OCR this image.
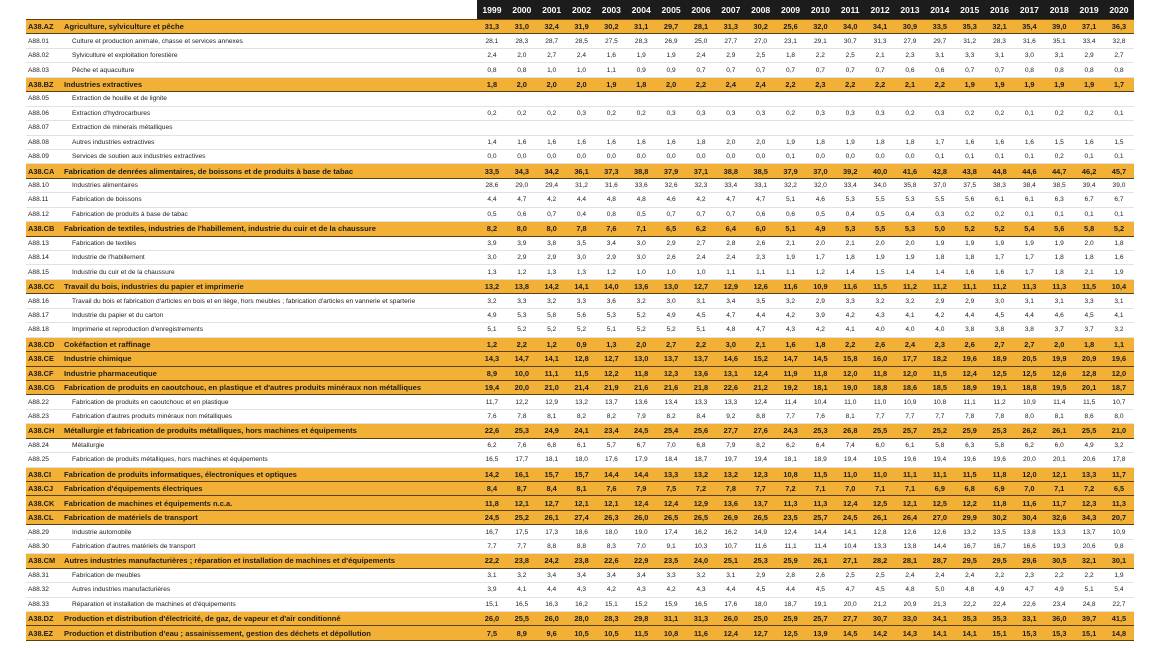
		1999	2000	2001	2002	2003	2004	2005	2006	2007	2008	2009	2010	2011	2012	2013	2014	2015	2016	2017	2018	2019	2020
A38.AZ	Agriculture, sylviculture et pêche	31,3	31,0	32,4	31,9	30,2	31,1	29,7	28,1	31,3	30,2	25,6	32,0	34,0	34,1	30,9	33,5	35,3	32,1	35,4	39,0	37,1	36,3
A88.01	Culture et production animale, chasse et services annexes	28,1	28,3	28,7	28,5	27,5	28,3	26,9	25,0	27,7	27,0	23,1	29,1	30,7	31,3	27,9	29,7	31,2	28,3	31,6	35,1	33,4	32,8
A88.02	Sylviculture et exploitation forestière	2,4	2,0	2,7	2,4	1,6	1,9	1,9	2,4	2,9	2,5	1,8	2,2	2,5	2,1	2,3	3,1	3,3	3,1	3,0	3,1	2,9	2,7
A88.03	Pêche et aquaculture	0,8	0,8	1,0	1,0	1,1	0,9	0,9	0,7	0,7	0,7	0,7	0,7	0,7	0,7	0,6	0,6	0,7	0,7	0,8	0,8	0,8	0,8
A38.BZ	Industries extractives	1,8	2,0	2,0	2,0	1,9	1,8	2,0	2,2	2,4	2,4	2,2	2,3	2,2	2,2	2,1	2,2	1,9	1,9	1,9	1,9	1,9	1,7
A88.05	Extraction de houille et de lignite																						
A88.06	Extraction d'hydrocarbures	0,2	0,2	0,2	0,3	0,2	0,2	0,3	0,3	0,3	0,3	0,2	0,3	0,3	0,3	0,2	0,3	0,2	0,2	0,1	0,2	0,2	0,1
A88.07	Extraction de minerais métalliques																						
A88.08	Autres industries extractives	1,4	1,6	1,6	1,6	1,6	1,6	1,6	1,8	2,0	2,0	1,9	1,8	1,9	1,8	1,8	1,7	1,6	1,6	1,6	1,5	1,6	1,5
A88.09	Services de soutien aux industries extractives	0,0	0,0	0,0	0,0	0,0	0,0	0,0	0,0	0,0	0,0	0,1	0,0	0,0	0,0	0,0	0,1	0,1	0,1	0,1	0,2	0,1	0,1
A38.CA	Fabrication de denrées alimentaires, de boissons et de produits à base de tabac	33,5	34,3	34,2	36,1	37,3	38,8	37,9	37,1	38,8	38,5	37,9	37,0	39,2	40,0	41,6	42,8	43,8	44,8	44,6	44,7	46,2	45,7
A88.10	Industries alimentaires	28,6	29,0	29,4	31,2	31,6	33,6	32,6	32,3	33,4	33,1	32,2	32,0	33,4	34,0	35,8	37,0	37,5	38,3	38,4	38,5	39,4	39,0
A88.11	Fabrication de boissons	4,4	4,7	4,2	4,4	4,8	4,8	4,6	4,2	4,7	4,7	5,1	4,6	5,3	5,5	5,3	5,5	5,6	6,1	6,1	6,3	6,7	6,7
A88.12	Fabrication de produits à base de tabac	0,5	0,6	0,7	0,4	0,8	0,5	0,7	0,7	0,7	0,6	0,6	0,5	0,4	0,5	0,4	0,3	0,2	0,2	0,1	0,1	0,1	0,1
A38.CB	Fabrication de textiles, industries de l'habillement, industrie du cuir et de la chaussure	8,2	8,0	8,0	7,8	7,6	7,1	6,5	6,2	6,4	6,0	5,1	4,9	5,3	5,5	5,3	5,0	5,2	5,2	5,4	5,6	5,8	5,2
A88.13	Fabrication de textiles	3,9	3,9	3,8	3,5	3,4	3,0	2,9	2,7	2,8	2,6	2,1	2,0	2,1	2,0	2,0	1,9	1,9	1,9	1,9	1,9	2,0	1,8
A88.14	Industrie de l'habillement	3,0	2,9	2,9	3,0	2,9	3,0	2,6	2,4	2,4	2,3	1,9	1,7	1,8	1,9	1,9	1,8	1,8	1,7	1,7	1,8	1,8	1,6
A88.15	Industrie du cuir et de la chaussure	1,3	1,2	1,3	1,3	1,2	1,0	1,0	1,0	1,1	1,1	1,1	1,2	1,4	1,5	1,4	1,4	1,6	1,6	1,7	1,8	2,1	1,9
A38.CC	Travail du bois, industries du papier et imprimerie	13,2	13,8	14,2	14,1	14,0	13,6	13,0	12,7	12,9	12,6	11,6	10,9	11,6	11,5	11,2	11,2	11,1	11,2	11,3	11,3	11,5	10,4
A88.16	Travail du bois et fabrication d'articles en bois et en liège, hors meubles ; fabrication d'articles en vannerie et sparterie	3,2	3,3	3,2	3,3	3,6	3,2	3,0	3,1	3,4	3,5	3,2	2,9	3,3	3,2	3,2	2,9	2,9	3,0	3,1	3,1	3,3	3,1
A88.17	Industrie du papier et du carton	4,9	5,3	5,8	5,6	5,3	5,2	4,9	4,5	4,7	4,4	4,2	3,9	4,2	4,3	4,1	4,2	4,4	4,5	4,4	4,6	4,5	4,1
A88.18	Imprimerie et reproduction d'enregistrements	5,1	5,2	5,2	5,2	5,1	5,2	5,2	5,1	4,8	4,7	4,3	4,2	4,1	4,0	4,0	4,0	3,8	3,8	3,8	3,7	3,7	3,2
A38.CD	Cokéfaction et raffinage	1,2	2,2	1,2	0,9	1,3	2,0	2,7	2,2	3,0	2,1	1,6	1,8	2,2	2,6	2,4	2,3	2,6	2,7	2,7	2,0	1,8	1,1
A38.CE	Industrie chimique	14,3	14,7	14,1	12,8	12,7	13,0	13,7	13,7	14,6	15,2	14,7	14,5	15,8	16,0	17,7	18,2	19,6	18,9	20,5	19,9	20,9	19,6
A38.CF	Industrie pharmaceutique	8,9	10,0	11,1	11,5	12,2	11,8	12,3	13,6	13,1	12,4	11,9	11,8	12,0	11,8	12,0	11,5	12,4	12,5	12,5	12,6	12,8	12,0
A38.CG	Fabrication de produits en caoutchouc, en plastique et d'autres produits minéraux non métalliques	19,4	20,0	21,0	21,4	21,9	21,6	21,6	21,8	22,6	21,2	19,2	18,1	19,0	18,8	18,6	18,5	18,9	19,1	18,8	19,5	20,1	18,7
A88.22	Fabrication de produits en caoutchouc et en plastique	11,7	12,2	12,9	13,2	13,7	13,6	13,4	13,3	13,3	12,4	11,4	10,4	11,0	11,0	10,9	10,8	11,1	11,2	10,9	11,4	11,5	10,7
A88.23	Fabrication d'autres produits minéraux non métalliques	7,6	7,8	8,1	8,2	8,2	7,9	8,2	8,4	9,2	8,8	7,7	7,6	8,1	7,7	7,7	7,7	7,8	7,8	8,0	8,1	8,6	8,0
A38.CH	Métallurgie et fabrication de produits métalliques, hors machines et équipements	22,6	25,3	24,9	24,1	23,4	24,5	25,4	25,6	27,7	27,6	24,3	25,3	26,8	25,5	25,7	25,2	25,9	25,3	26,2	26,1	25,5	21,0
A88.24	Métallurgie	6,2	7,6	6,8	6,1	5,7	6,7	7,0	6,8	7,9	8,2	6,2	6,4	7,4	6,0	6,1	5,8	6,3	5,8	6,2	6,0	4,9	3,2
A88.25	Fabrication de produits métalliques, hors machines et équipements	16,5	17,7	18,1	18,0	17,6	17,9	18,4	18,7	19,7	19,4	18,1	18,9	19,4	19,5	19,6	19,4	19,6	19,6	20,0	20,1	20,6	17,8
A38.CI	Fabrication de produits informatiques, électroniques et optiques	14,2	16,1	15,7	15,7	14,4	14,4	13,3	13,2	13,2	12,3	10,8	11,5	11,0	11,0	11,1	11,1	11,5	11,8	12,0	12,1	13,3	11,7
A38.CJ	Fabrication d'équipements électriques	8,4	8,7	8,4	8,1	7,6	7,9	7,5	7,2	7,8	7,7	7,2	7,1	7,0	7,1	7,1	6,9	6,8	6,9	7,0	7,1	7,2	6,5
A38.CK	Fabrication de machines et équipements n.c.a.	11,8	12,1	12,7	12,1	12,1	12,4	12,4	12,9	13,6	13,7	11,3	11,3	12,4	12,5	12,1	12,5	12,2	11,8	11,6	11,7	12,3	11,3
A38.CL	Fabrication de matériels de transport	24,5	25,2	26,1	27,4	26,3	26,0	26,5	26,5	26,9	26,5	23,5	25,7	24,5	26,1	26,4	27,0	29,9	30,2	30,4	32,6	34,3	20,7
A88.29	Industrie automobile	16,7	17,5	17,3	18,6	18,0	19,0	17,4	16,2	16,2	14,9	12,4	14,4	14,1	12,8	12,6	12,6	13,2	13,5	13,8	13,3	13,7	10,9
A88.30	Fabrication d'autres matériels de transport	7,7	7,7	8,8	8,8	8,3	7,0	9,1	10,3	10,7	11,6	11,1	11,4	10,4	13,3	13,8	14,4	16,7	16,7	16,6	19,3	20,6	9,8
A38.CM	Autres industries manufacturières ; réparation et installation de machines et d'équipements	22,2	23,8	24,2	23,8	22,6	22,9	23,5	24,0	25,1	25,3	25,9	26,1	27,1	28,2	28,1	28,7	29,5	29,5	29,6	30,5	32,1	30,1
A88.31	Fabrication de meubles	3,1	3,2	3,4	3,4	3,4	3,4	3,3	3,2	3,1	2,9	2,8	2,6	2,5	2,5	2,4	2,4	2,4	2,2	2,3	2,2	2,2	1,9
A88.32	Autres industries manufacturières	3,9	4,1	4,4	4,3	4,2	4,3	4,2	4,3	4,4	4,5	4,4	4,5	4,7	4,5	4,8	5,0	4,8	4,9	4,7	4,9	5,1	5,4
A88.33	Réparation et installation de machines et d'équipements	15,1	16,5	16,3	16,2	15,1	15,2	15,9	16,5	17,6	18,0	18,7	19,1	20,0	21,2	20,9	21,3	22,2	22,4	22,6	23,4	24,8	22,7
A38.DZ	Production et distribution d'électricité, de gaz, de vapeur et d'air conditionné	26,0	25,5	26,0	28,0	28,3	29,8	31,1	31,3	26,0	25,0	25,9	25,7	27,7	30,7	33,0	34,1	35,3	35,3	33,1	36,0	39,7	41,5
A38.EZ	Production et distribution d'eau ; assainissement, gestion des déchets et dépollution	7,5	8,9	9,6	10,5	10,5	11,5	10,8	11,6	12,4	12,7	12,5	13,9	14,5	14,2	14,3	14,1	14,1	15,1	15,3	15,3	15,1	14,8
